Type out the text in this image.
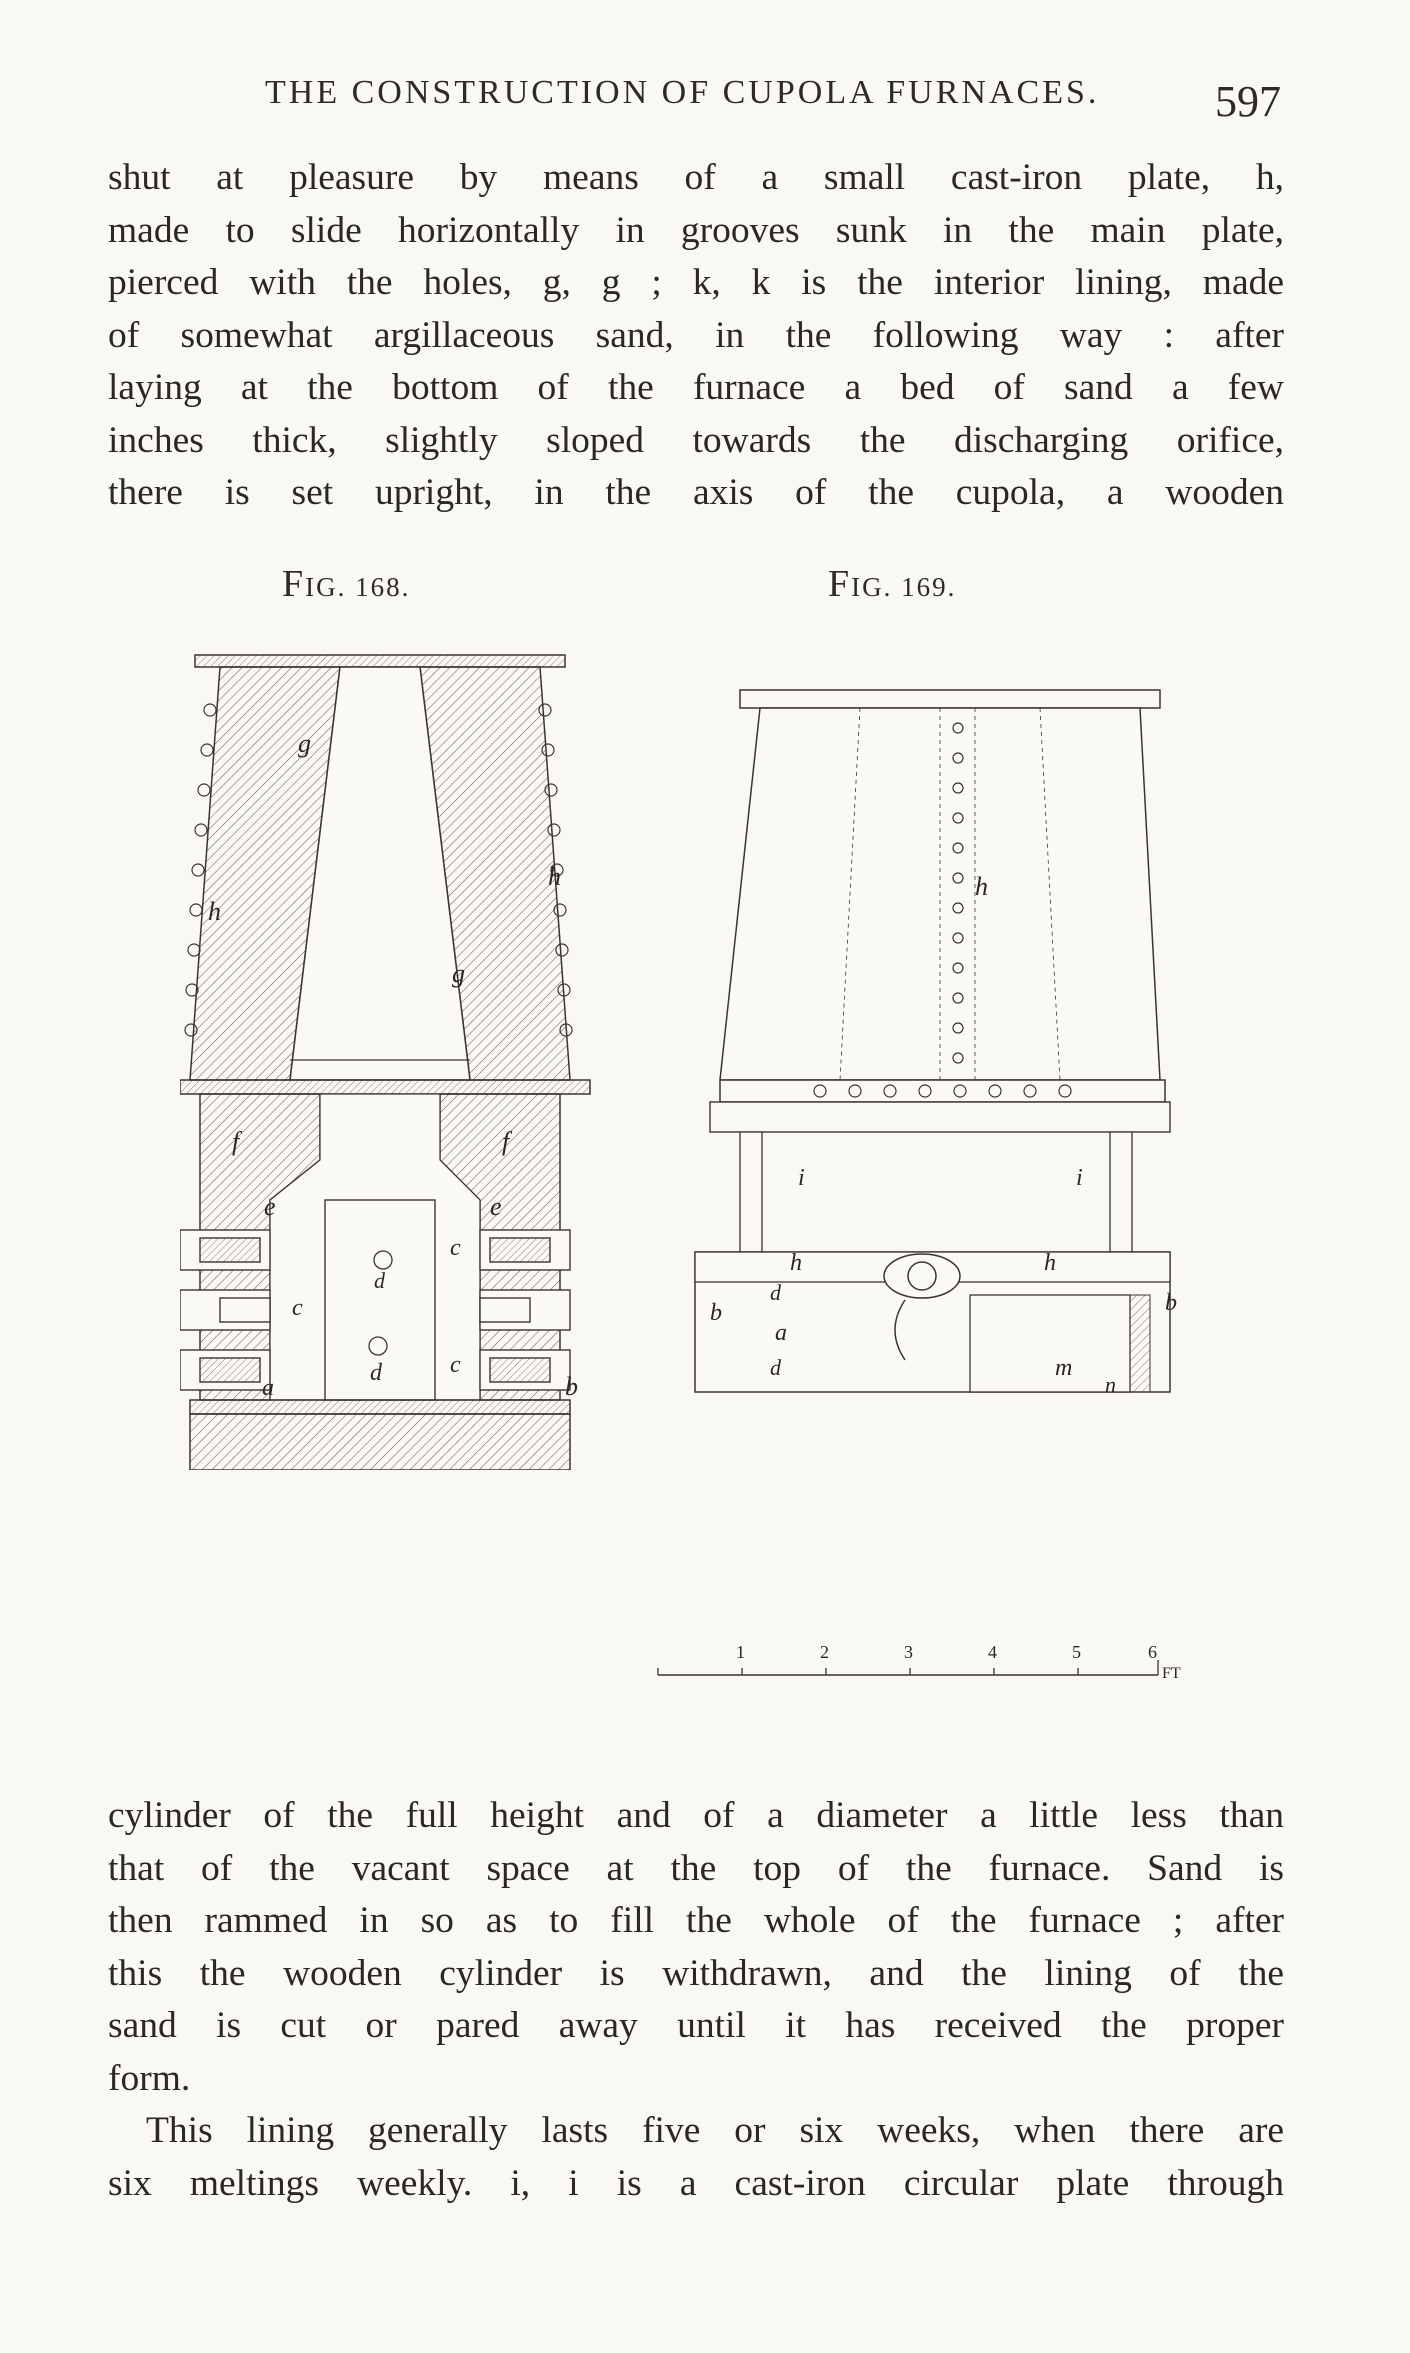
THE CONSTRUCTION OF CUPOLA FURNACES.	597
shut at pleasure by means of a small cast-iron plate, h,
made to slide horizontally in grooves sunk in the main plate,
pierced with the holes, g, g ; k, k is the interior lining, made
of somewhat argillaceous sand, in the following way : after
laying at the bottom of the furnace a bed of sand a few
inches thick, slightly sloped towards the discharging orifice,
there is set upright, in the axis of the cupola, a wooden
FIG. 168.	FIG. 169.
g
g
h
h
f	f
e	e
c
c
c
d
d
a	b
h
i	i
h	h
d
d
a
b	b
m
n
1	2	3	4	5	6
FT
cylinder of the full height and of a diameter a little less than
that of the vacant space at the top of the furnace. Sand is
then rammed in so as to fill the whole of the furnace ; after
this the wooden cylinder is withdrawn, and the lining of the
sand is cut or pared away until it has received the proper
form.
This lining generally lasts five or six weeks, when there are
six meltings weekly. i, i is a cast-iron circular plate through
